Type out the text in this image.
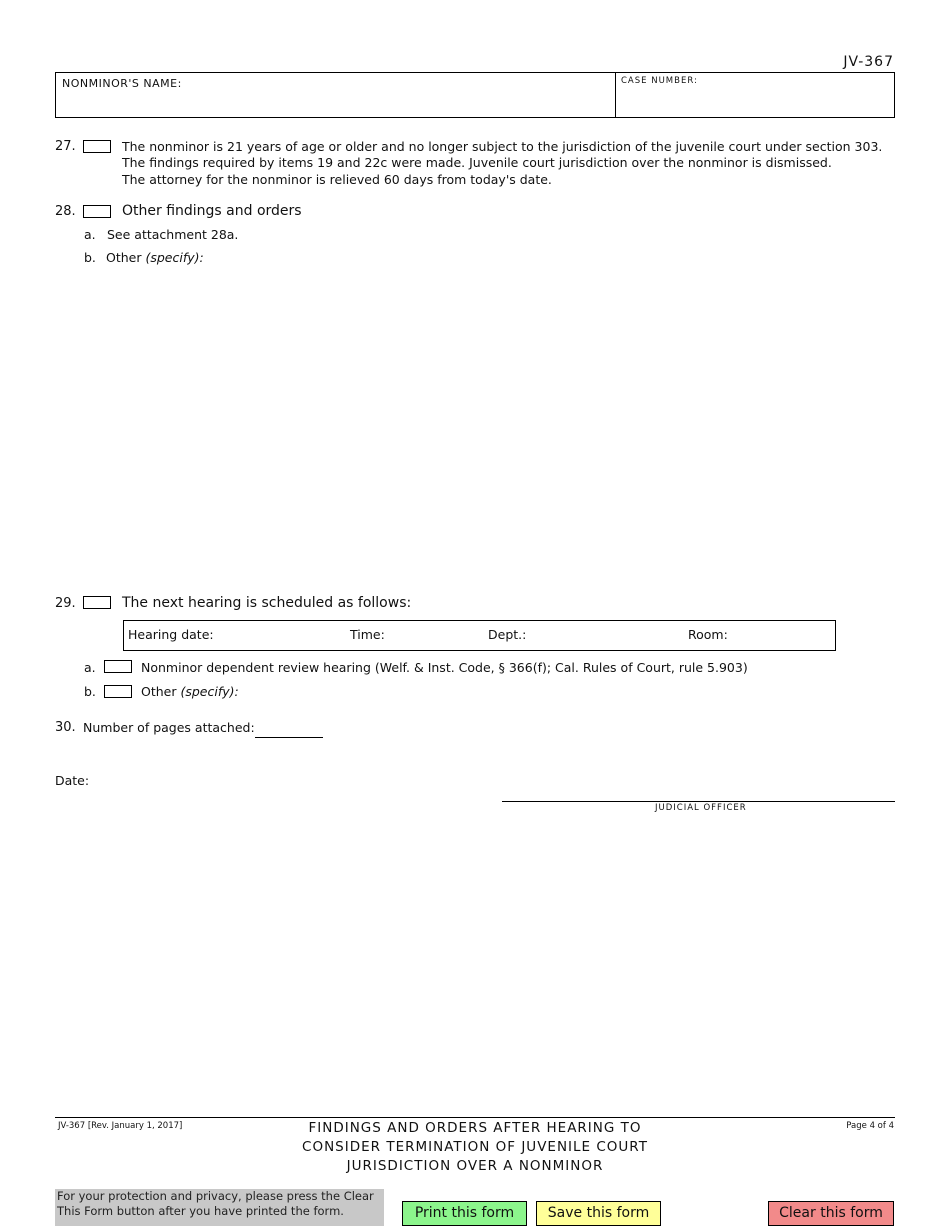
JV-367
NONMINOR'S NAME:	CASE NUMBER:
27.	The nonminor is 21 years of age or older and no longer subject to the jurisdiction of the juvenile court under section 303.
The findings required by items 19 and 22c were made. Juvenile court jurisdiction over the nonminor is dismissed.
The attorney for the nonminor is relieved 60 days from today's date.
28.	Other findings and orders
a. See attachment 28a.
b. Other (specify):
29.	The next hearing is scheduled as follows:
Hearing date:	Time:	Dept.:	Room:
a.	Nonminor dependent review hearing (Welf. & Inst. Code, § 366(f); Cal. Rules of Court, rule 5.903)
b.	Other (specify):
30. Number of pages attached:
Date:
JUDICIAL OFFICER
JV-367 [Rev. January 1, 2017]	Page 4 of 4
FINDINGS AND ORDERS AFTER HEARING TO
CONSIDER TERMINATION OF JUVENILE COURT
JURISDICTION OVER A NONMINOR
For your protection and privacy, please press the Clear This Form button after you have printed the form.	Print this form	Save this form	Clear this form
